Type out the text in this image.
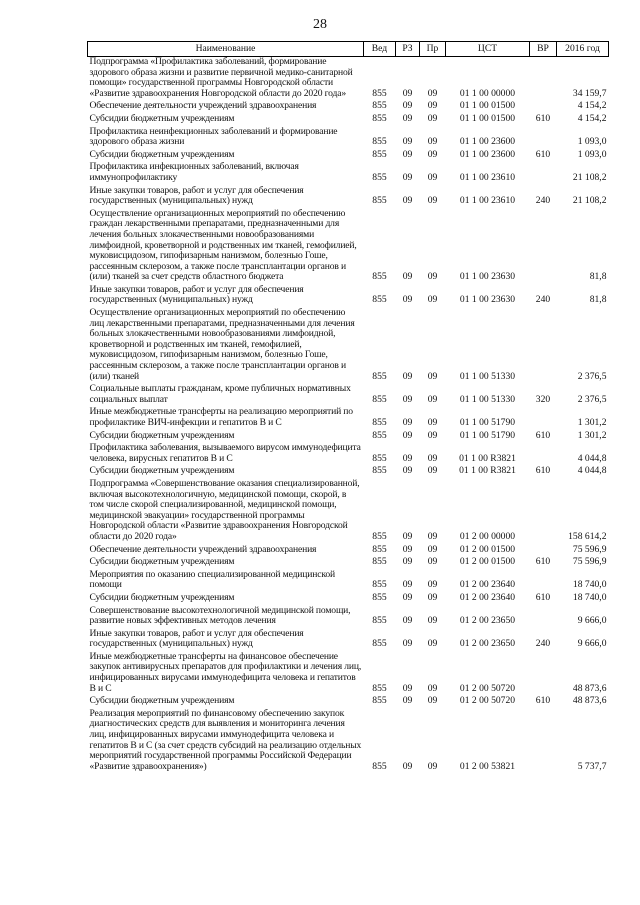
28
Наименование	Вед	РЗ	Пр	ЦСТ	ВР	2016 год
Подпрограмма «Профилактика заболеваний, формирование здорового образа жизни и развитие первичной медико-санитарной помощи» государственной программы Новгородской области «Развитие здравоохранения Новгородской области до 2020 года»	855	09	09	01 1 00 00000		34 159,7
Обеспечение деятельности учреждений здравоохранения	855	09	09	01 1 00 01500		4 154,2
Субсидии бюджетным учреждениям	855	09	09	01 1 00 01500	610	4 154,2
Профилактика неинфекционных заболеваний и формирование здорового образа жизни	855	09	09	01 1 00 23600		1 093,0
Субсидии бюджетным учреждениям	855	09	09	01 1 00 23600	610	1 093,0
Профилактика инфекционных заболеваний, включая иммунопрофилактику	855	09	09	01 1 00 23610		21 108,2
Иные закупки товаров, работ и услуг для обеспечения государственных (муниципальных) нужд	855	09	09	01 1 00 23610	240	21 108,2
Осуществление организационных мероприятий по обеспечению граждан лекарственными препаратами, предназначенными для лечения больных злокачественными новообразованиями лимфоидной, кроветворной и родственных им тканей, гемофилией, муковисцидозом, гипофизарным нанизмом, болезнью Гоше, рассеянным склерозом, а также после трансплантации органов и (или) тканей за счет средств областного бюджета	855	09	09	01 1 00 23630		81,8
Иные закупки товаров, работ и услуг для обеспечения государственных (муниципальных) нужд	855	09	09	01 1 00 23630	240	81,8
Осуществление организационных мероприятий по обеспечению лиц лекарственными препаратами, предназначенными для лечения больных злокачественными новообразованиями лимфоидной, кроветворной и родственных им тканей, гемофилией, муковисцидозом, гипофизарным нанизмом, болезнью Гоше, рассеянным склерозом, а также после трансплантации органов и (или) тканей	855	09	09	01 1 00 51330		2 376,5
Социальные выплаты гражданам, кроме публичных нормативных социальных выплат	855	09	09	01 1 00 51330	320	2 376,5
Иные межбюджетные трансферты на реализацию мероприятий по профилактике ВИЧ-инфекции и гепатитов В и С	855	09	09	01 1 00 51790		1 301,2
Субсидии бюджетным учреждениям	855	09	09	01 1 00 51790	610	1 301,2
Профилактика заболевания, вызываемого вирусом иммунодефицита человека, вирусных гепатитов В и С	855	09	09	01 1 00 R3821		4 044,8
Субсидии бюджетным учреждениям	855	09	09	01 1 00 R3821	610	4 044,8
Подпрограмма «Совершенствование оказания специализированной, включая высокотехнологичную, медицинской помощи, скорой, в том числе скорой специализированной, медицинской помощи, медицинской эвакуации» государственной программы Новгородской области «Развитие здравоохранения Новгородской области до 2020 года»	855	09	09	01 2 00 00000		158 614,2
Обеспечение деятельности учреждений здравоохранения	855	09	09	01 2 00 01500		75 596,9
Субсидии бюджетным учреждениям	855	09	09	01 2 00 01500	610	75 596,9
Мероприятия по оказанию специализированной медицинской помощи	855	09	09	01 2 00 23640		18 740,0
Субсидии бюджетным учреждениям	855	09	09	01 2 00 23640	610	18 740,0
Совершенствование высокотехнологичной медицинской помощи, развитие новых эффективных методов лечения	855	09	09	01 2 00 23650		9 666,0
Иные закупки товаров, работ и услуг для обеспечения государственных (муниципальных) нужд	855	09	09	01 2 00 23650	240	9 666,0
Иные межбюджетные трансферты на финансовое обеспечение закупок антивирусных препаратов для профилактики и лечения лиц, инфицированных вирусами иммунодефицита человека и гепатитов В и С	855	09	09	01 2 00 50720		48 873,6
Субсидии бюджетным учреждениям	855	09	09	01 2 00 50720	610	48 873,6
Реализация мероприятий по финансовому обеспечению закупок диагностических средств для выявления и мониторинга лечения лиц, инфицированных вирусами иммунодефицита человека и гепатитов В и С (за счет средств субсидий на реализацию отдельных мероприятий государственной программы Российской Федерации «Развитие здравоохранения»)	855	09	09	01 2 00 53821		5 737,7
